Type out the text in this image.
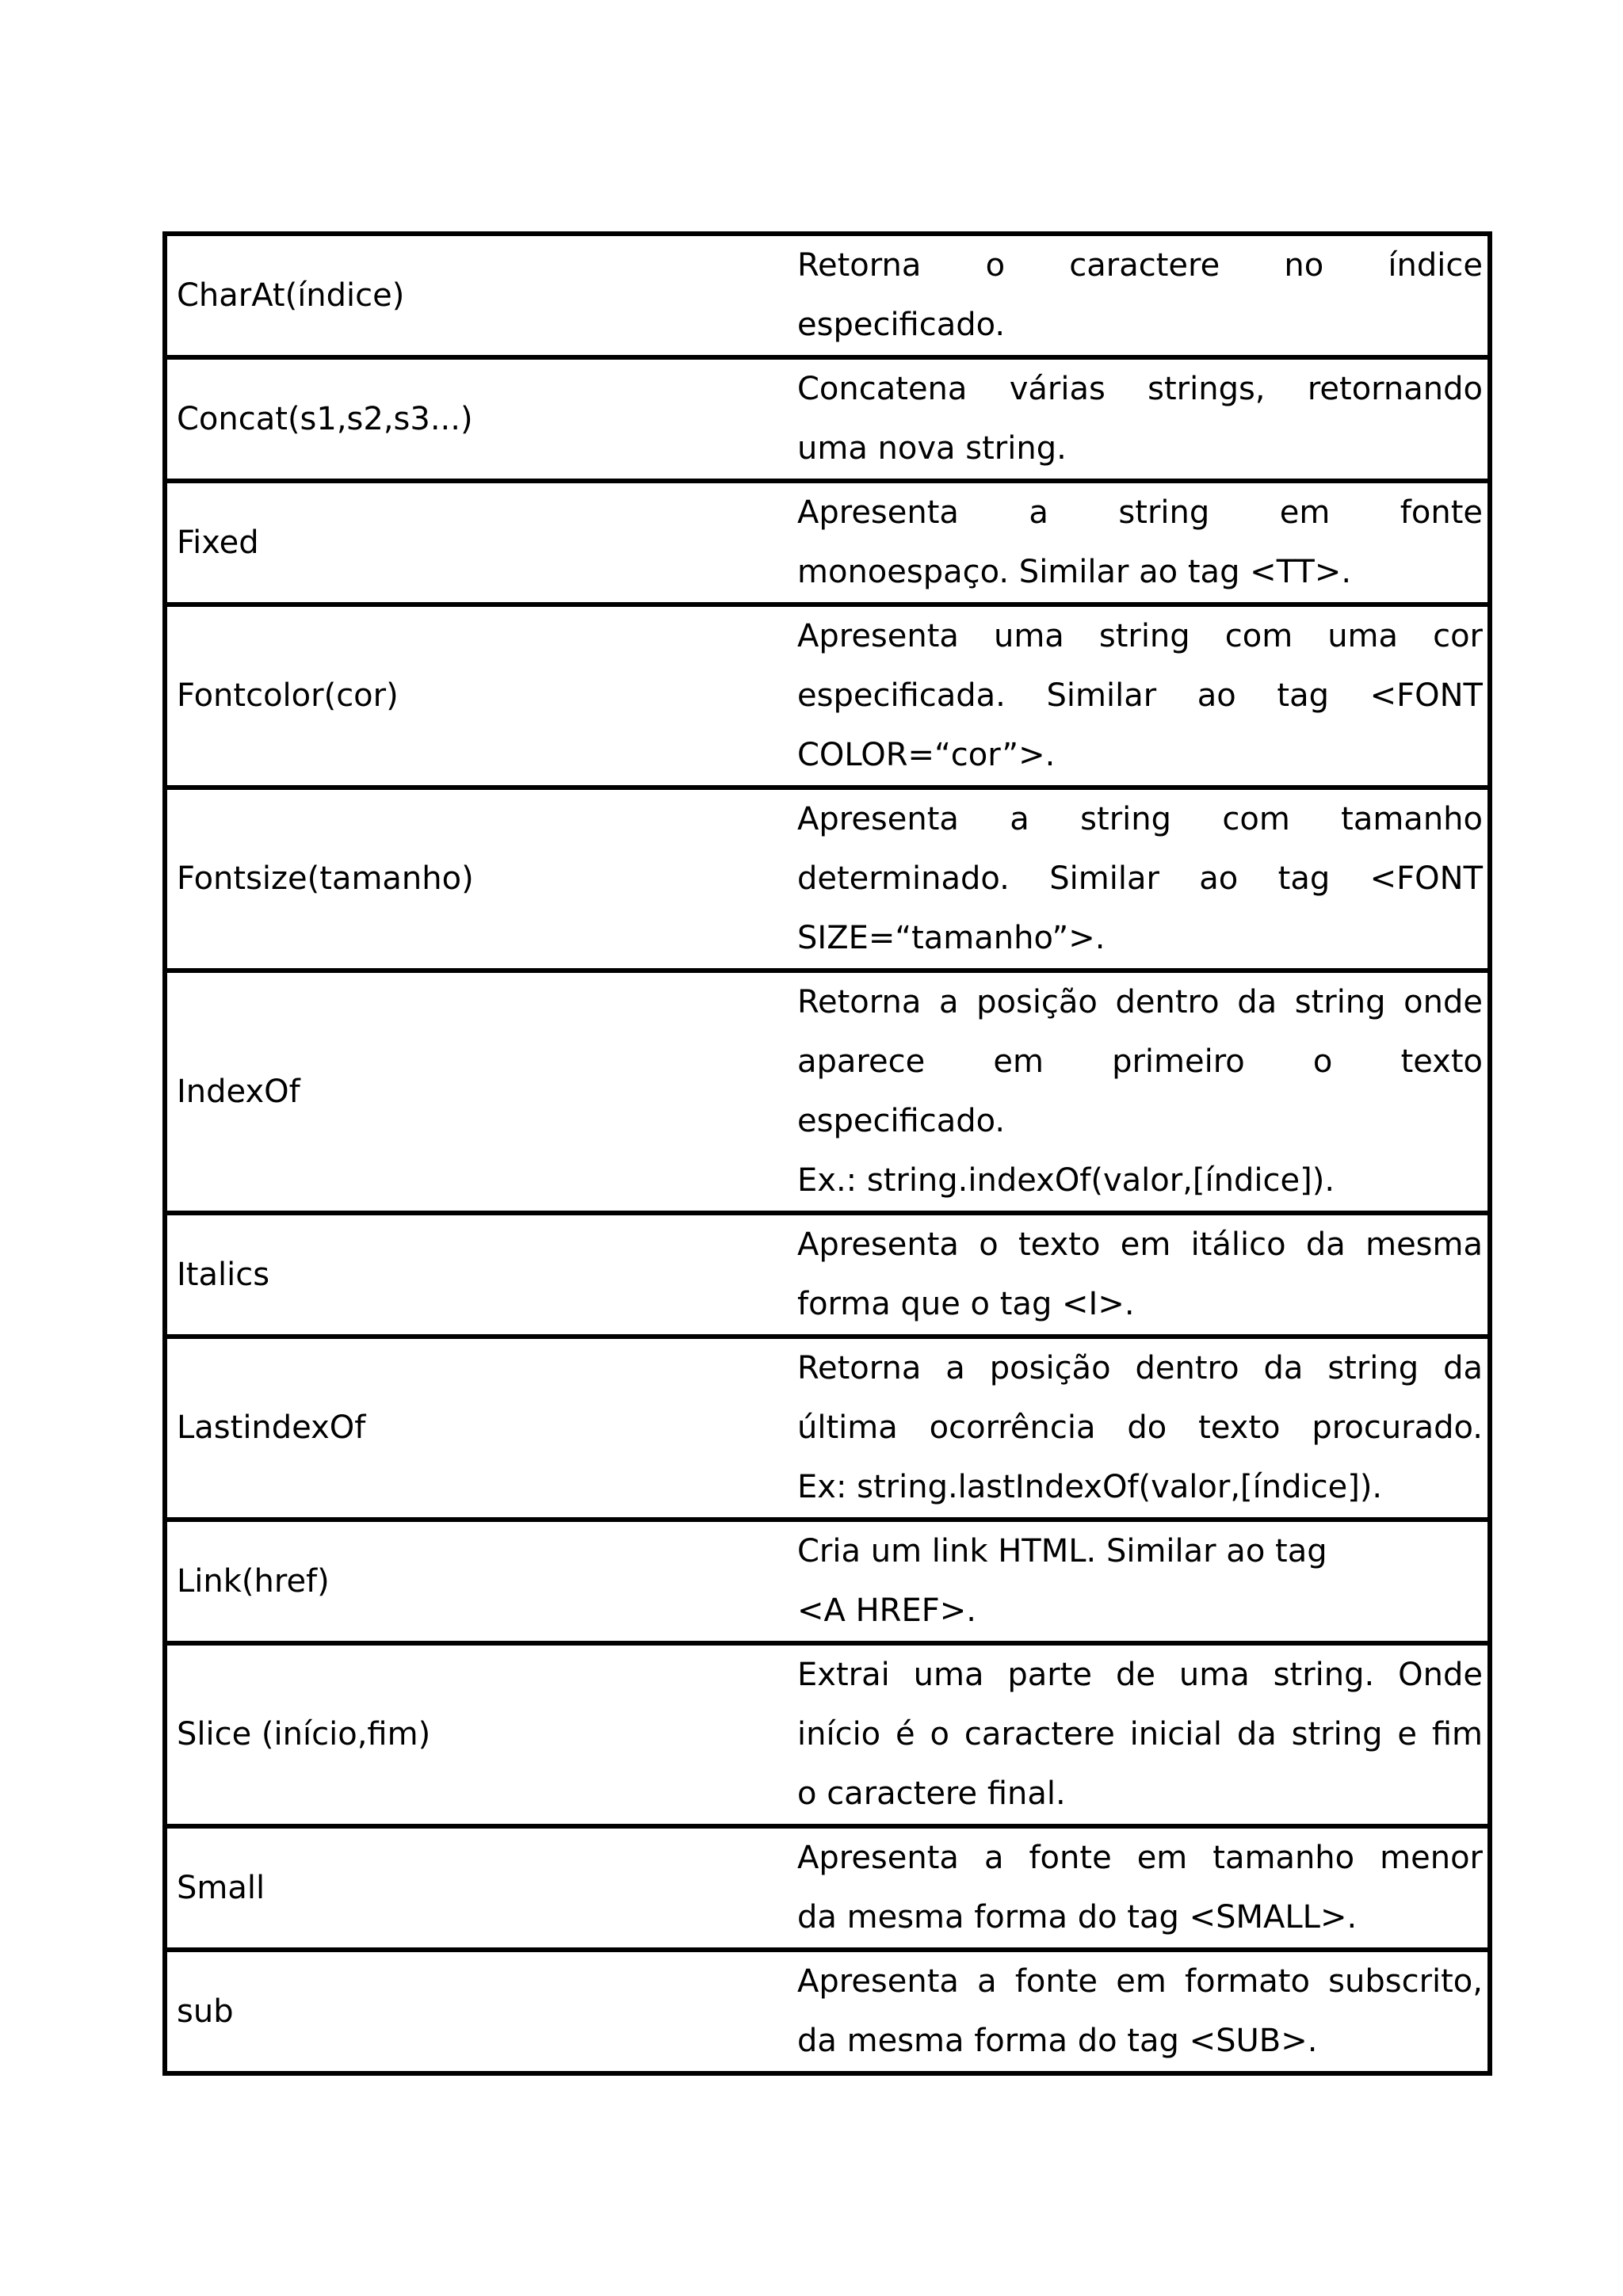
CharAt(índice)
Retorna o caractere no índice
especificado.
Concat(s1,s2,s3...)
Concatena várias strings, retornando
uma nova string.
Fixed
Apresenta a string em fonte
monoespaço. Similar ao tag <TT>.
Fontcolor(cor)
Apresenta uma string com uma cor
especificada. Similar ao tag <FONT
COLOR=“cor”>.
Fontsize(tamanho)
Apresenta a string com tamanho
determinado. Similar ao tag <FONT
SIZE=“tamanho”>.
IndexOf
Retorna a posição dentro da string onde
aparece em primeiro o texto
especificado.
Ex.: string.indexOf(valor,[índice]).
Italics
Apresenta o texto em itálico da mesma
forma que o tag <I>.
LastindexOf
Retorna a posição dentro da string da
última ocorrência do texto procurado.
Ex: string.lastIndexOf(valor,[índice]).
Link(href)
Cria um link HTML. Similar ao tag
<A HREF>.
Slice (início,fim)
Extrai uma parte de uma string. Onde
início é o caractere inicial da string e fim
o caractere final.
Small
Apresenta a fonte em tamanho menor
da mesma forma do tag <SMALL>.
sub
Apresenta a fonte em formato subscrito,
da mesma forma do tag <SUB>.
